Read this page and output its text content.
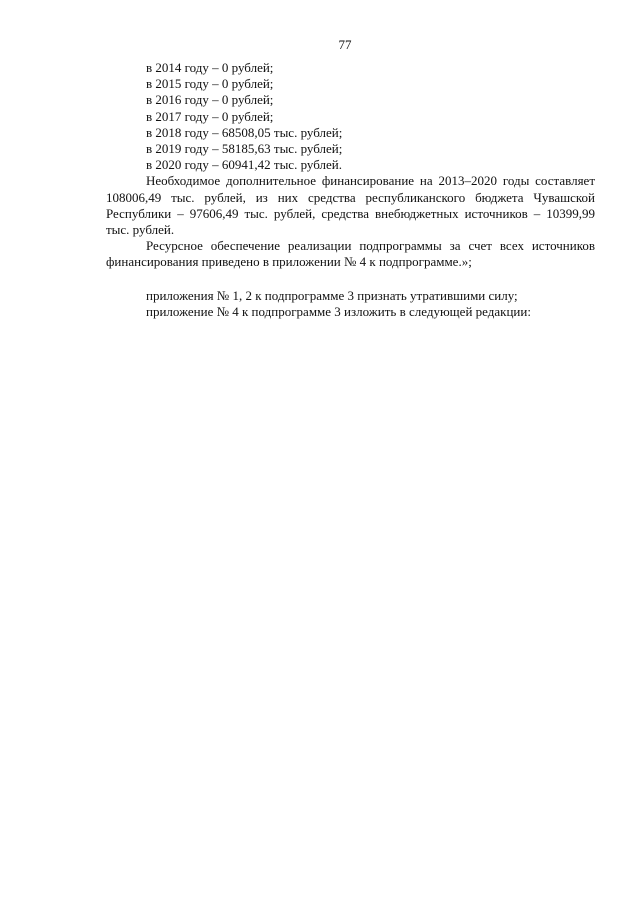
77

в 2014 году – 0 рублей;

в 2015 году – 0 рублей;

в 2016 году – 0 рублей;

в 2017 году – 0 рублей;

в 2018 году – 68508,05 тыс. рублей;

в 2019 году – 58185,63 тыс. рублей;

в 2020 году – 60941,42 тыс. рублей.

Необходимое дополнительное финансирование на 2013–2020 годы составляет 108006,49 тыс. рублей, из них средства республиканского бюджета Чувашской Республики – 97606,49 тыс. рублей, средства внебюджетных источников – 10399,99 тыс. рублей.

Ресурсное обеспечение реализации подпрограммы за счет всех источников финансирования приведено в приложении № 4 к подпрограмме.»;

приложения № 1, 2 к подпрограмме 3 признать утратившими силу;

приложение № 4 к подпрограмме 3 изложить в следующей редакции:
